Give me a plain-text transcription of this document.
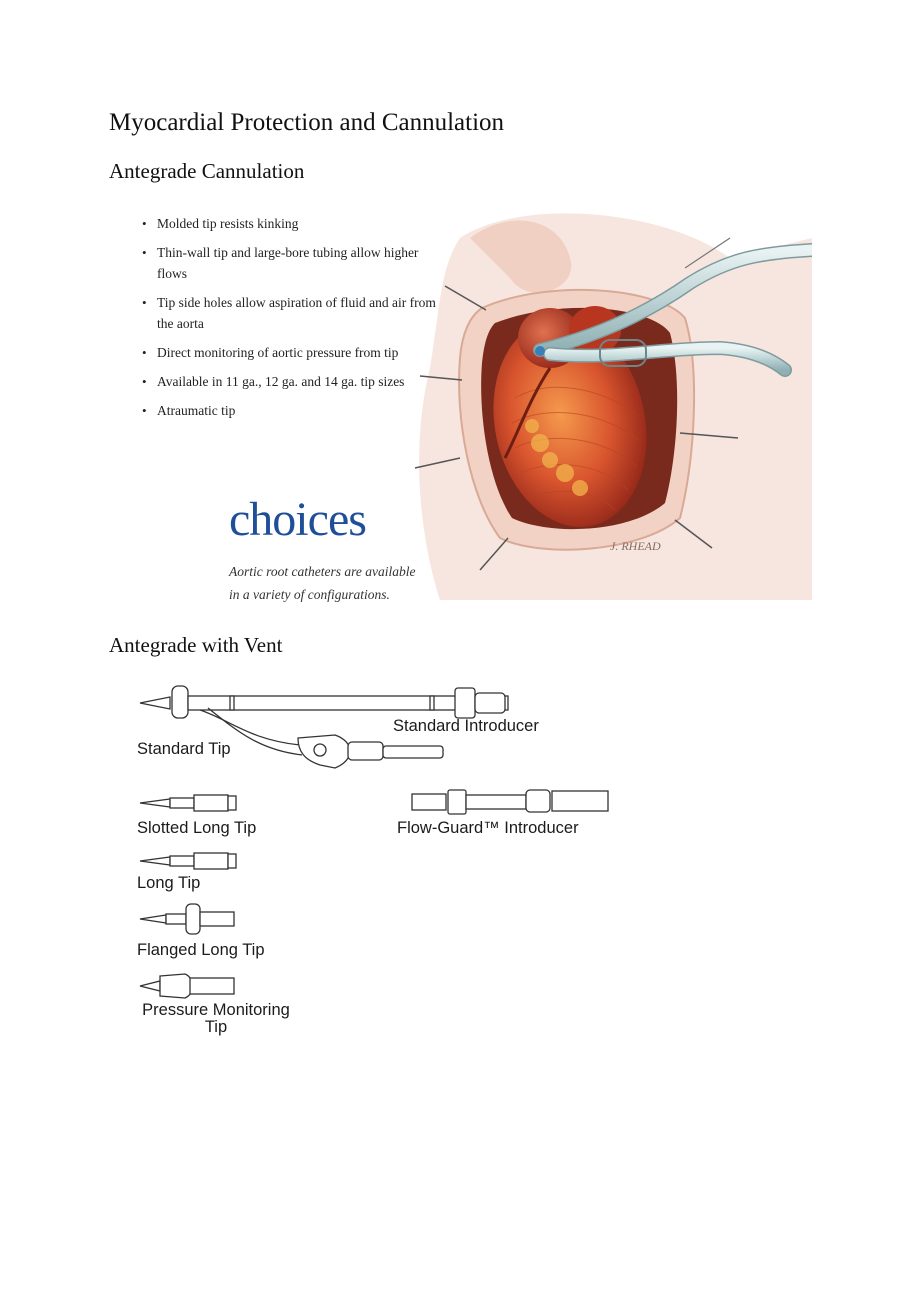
Myocardial Protection and Cannulation
Antegrade Cannulation
• Molded tip resists kinking
• Thin-wall tip and large-bore tubing allow higher flows
• Tip side holes allow aspiration of fluid and air from the aorta
• Direct monitoring of aortic pressure from tip
• Available in 11 ga., 12 ga. and 14 ga. tip sizes
• Atraumatic tip
J. RHEAD
choices
Aortic root catheters are available
in a variety of configurations.
Antegrade with Vent
Standard Introducer
Standard Tip
Slotted Long Tip	Flow-Guard™ Introducer
Long Tip
Flanged Long Tip
Pressure Monitoring
Tip
